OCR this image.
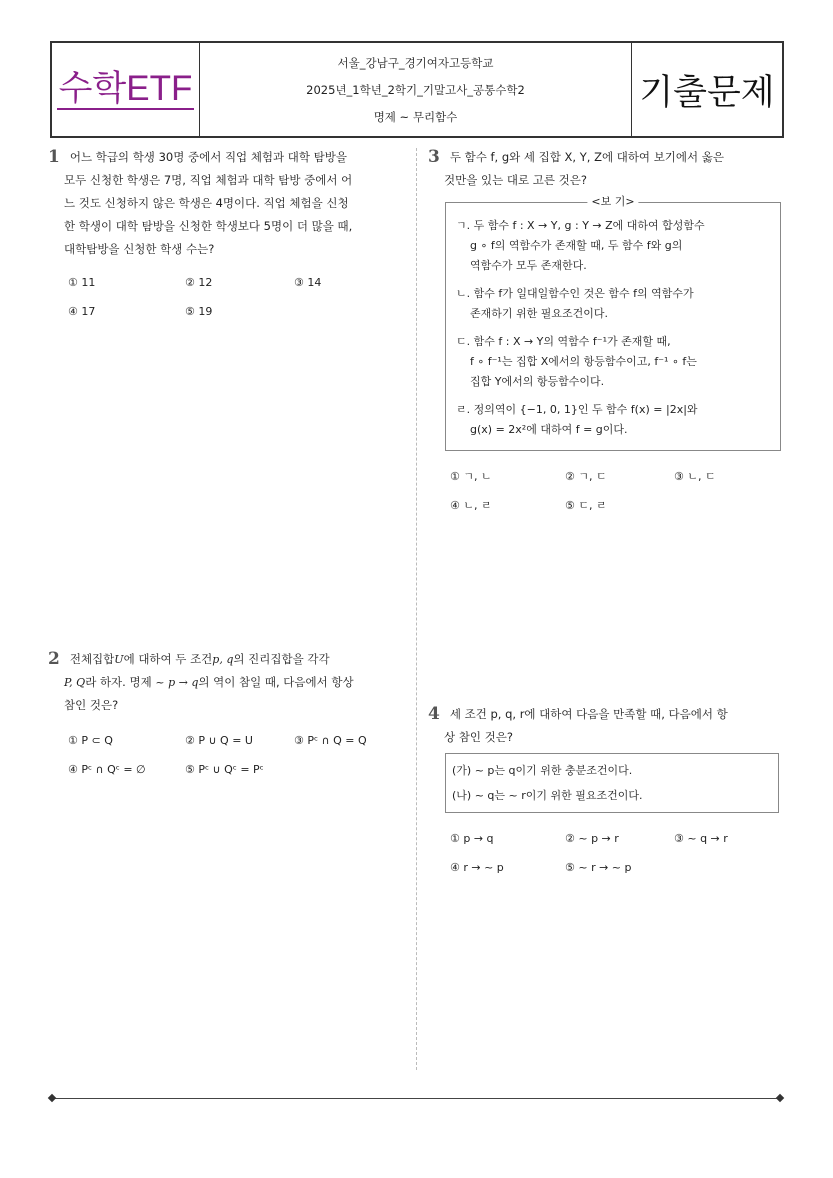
수학ETF
서울_강남구_경기여자고등학교
2025년_1학년_2학기_기말고사_공통수학2
명제 ~ 무리함수
기출문제
1 어느 학급의 학생 30명 중에서 직업 체험과 대학 탐방을
모두 신청한 학생은 7명, 직업 체험과 대학 탐방 중에서 어
느 것도 신청하지 않은 학생은 4명이다. 직업 체험을 신청
한 학생이 대학 탐방을 신청한 학생보다 5명이 더 많을 때,
대학탐방을 신청한 학생 수는?
① 11	② 12	③ 14
④ 17	⑤ 19
2 전체집합 U 에 대하여 두 조건 p, q 의 진리집합을 각각
P, Q라 하자. 명제 ~ p → q의 역이 참일 때, 다음에서 항상
참인 것은?
① P ⊂ Q	② P ∪ Q = U	③ Pᶜ ∩ Q = Q
④ Pᶜ ∩ Qᶜ = ∅	⑤ Pᶜ ∪ Qᶜ = Pᶜ
3 두 함수 f, g와 세 집합 X, Y, Z에 대하여 보기에서 옳은
것만을 있는 대로 고른 것은?
<보 기>
ㄱ. 두 함수 f : X → Y, g : Y → Z에 대하여 합성함수
g ∘ f의 역함수가 존재할 때, 두 함수 f와 g의
역함수가 모두 존재한다.
ㄴ. 함수 f가 일대일함수인 것은 함수 f의 역함수가
존재하기 위한 필요조건이다.
ㄷ. 함수 f : X → Y의 역함수 f⁻¹가 존재할 때,
f ∘ f⁻¹는 집합 X에서의 항등함수이고, f⁻¹ ∘ f는
집합 Y에서의 항등함수이다.
ㄹ. 정의역이 {−1, 0, 1}인 두 함수 f(x) = |2x|와
g(x) = 2x²에 대하여 f = g이다.
① ㄱ, ㄴ	② ㄱ, ㄷ	③ ㄴ, ㄷ
④ ㄴ, ㄹ	⑤ ㄷ, ㄹ
4 세 조건 p, q, r에 대하여 다음을 만족할 때, 다음에서 항
상 참인 것은?
(가) ~ p는 q이기 위한 충분조건이다.
(나) ~ q는 ~ r이기 위한 필요조건이다.
① p → q	② ~ p → r	③ ~ q → r
④ r → ~ p	⑤ ~ r → ~ p
